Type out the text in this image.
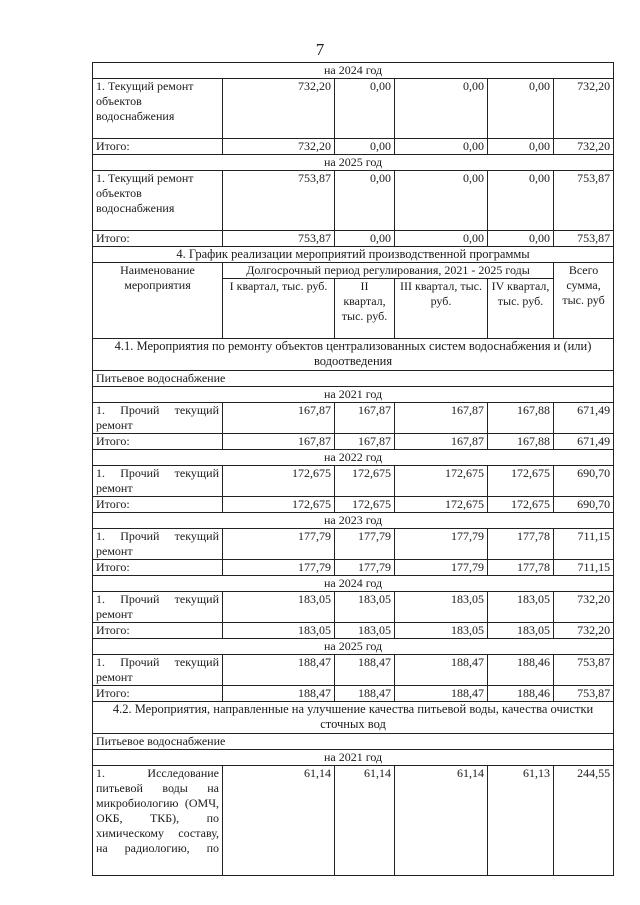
7
на 2024 год					
1. Текущий ремонт объектов водоснабжения	732,20	0,00	0,00	0,00	732,20
Итого:	732,20	0,00	0,00	0,00	732,20
на 2025 год					
1. Текущий ремонт объектов водоснабжения	753,87	0,00	0,00	0,00	753,87
Итого:	753,87	0,00	0,00	0,00	753,87
4. График реализации мероприятий производственной программы					
Наименование мероприятия	Долгосрочный период регулирования, 2021 - 2025 годы				Всего сумма, тыс. руб
	I квартал, тыс. руб.	II квартал, тыс. руб.	III квартал, тыс. руб.	IV квартал, тыс. руб.	
4.1. Мероприятия по ремонту объектов централизованных систем водоснабжения и (или) водоотведения					
Питьевое водоснабжение					
на 2021 год					
1. Прочий текущий ремонт	167,87	167,87	167,87	167,88	671,49
Итого:	167,87	167,87	167,87	167,88	671,49
на 2022 год					
1. Прочий текущий ремонт	172,675	172,675	172,675	172,675	690,70
Итого:	172,675	172,675	172,675	172,675	690,70
на 2023 год					
1. Прочий текущий ремонт	177,79	177,79	177,79	177,78	711,15
Итого:	177,79	177,79	177,79	177,78	711,15
на 2024 год					
1. Прочий текущий ремонт	183,05	183,05	183,05	183,05	732,20
Итого:	183,05	183,05	183,05	183,05	732,20
на 2025 год					
1. Прочий текущий ремонт	188,47	188,47	188,47	188,46	753,87
Итого:	188,47	188,47	188,47	188,46	753,87
4.2. Мероприятия, направленные на улучшение качества питьевой воды, качества очистки сточных вод					
Питьевое водоснабжение					
на 2021 год					
1. Исследование питьевой воды на микробиологию (ОМЧ, ОКБ, ТКБ), по химическому составу, на радиологию, по	61,14	61,14	61,14	61,13	244,55
